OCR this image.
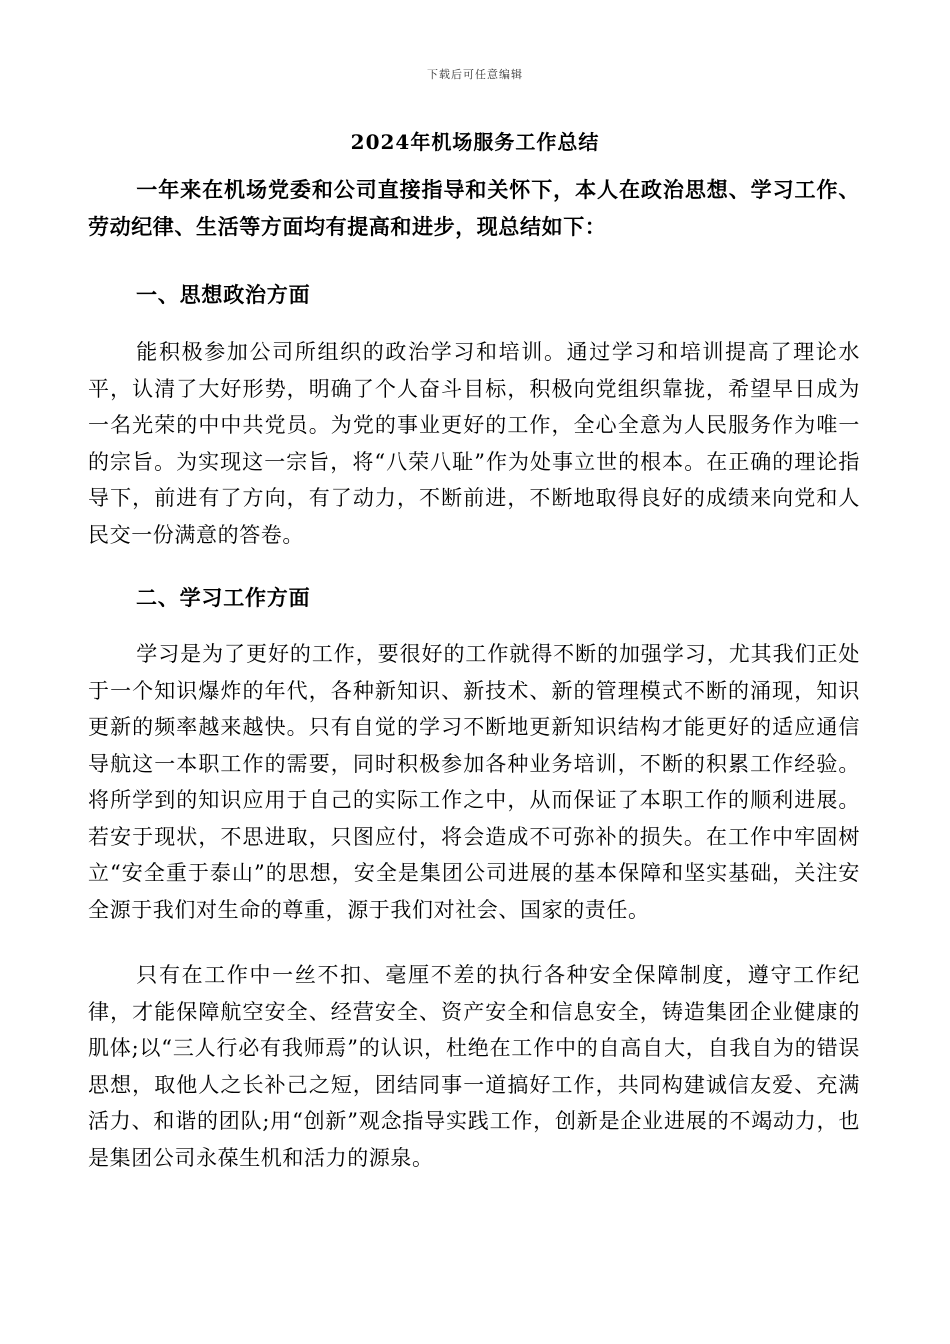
下载后可任意编辑
2024年机场服务工作总结

一年来在机场党委和公司直接指导和关怀下，本人在政治思想、学习工作、劳动纪律、生活等方面均有提高和进步，现总结如下：

一、思想政治方面

能积极参加公司所组织的政治学习和培训。通过学习和培训提高了理论水平，认清了大好形势，明确了个人奋斗目标，积极向党组织靠拢，希望早日成为一名光荣的中中共党员。为党的事业更好的工作，全心全意为人民服务作为唯一的宗旨。为实现这一宗旨，将“八荣八耻”作为处事立世的根本。在正确的理论指导下，前进有了方向，有了动力，不断前进，不断地取得良好的成绩来向党和人民交一份满意的答卷。

二、学习工作方面

学习是为了更好的工作，要很好的工作就得不断的加强学习，尤其我们正处于一个知识爆炸的年代，各种新知识、新技术、新的管理模式不断的涌现，知识更新的频率越来越快。只有自觉的学习不断地更新知识结构才能更好的适应通信导航这一本职工作的需要，同时积极参加各种业务培训，不断的积累工作经验。将所学到的知识应用于自己的实际工作之中，从而保证了本职工作的顺利进展。若安于现状，不思进取，只图应付，将会造成不可弥补的损失。在工作中牢固树立“安全重于泰山”的思想，安全是集团公司进展的基本保障和坚实基础，关注安全源于我们对生命的尊重，源于我们对社会、国家的责任。

只有在工作中一丝不扣、毫厘不差的执行各种安全保障制度，遵守工作纪律，才能保障航空安全、经营安全、资产安全和信息安全，铸造集团企业健康的肌体;以“三人行必有我师焉”的认识，杜绝在工作中的自高自大，自我自为的错误思想，取他人之长补己之短，团结同事一道搞好工作，共同构建诚信友爱、充满活力、和谐的团队;用“创新”观念指导实践工作，创新是企业进展的不竭动力，也是集团公司永葆生机和活力的源泉。
